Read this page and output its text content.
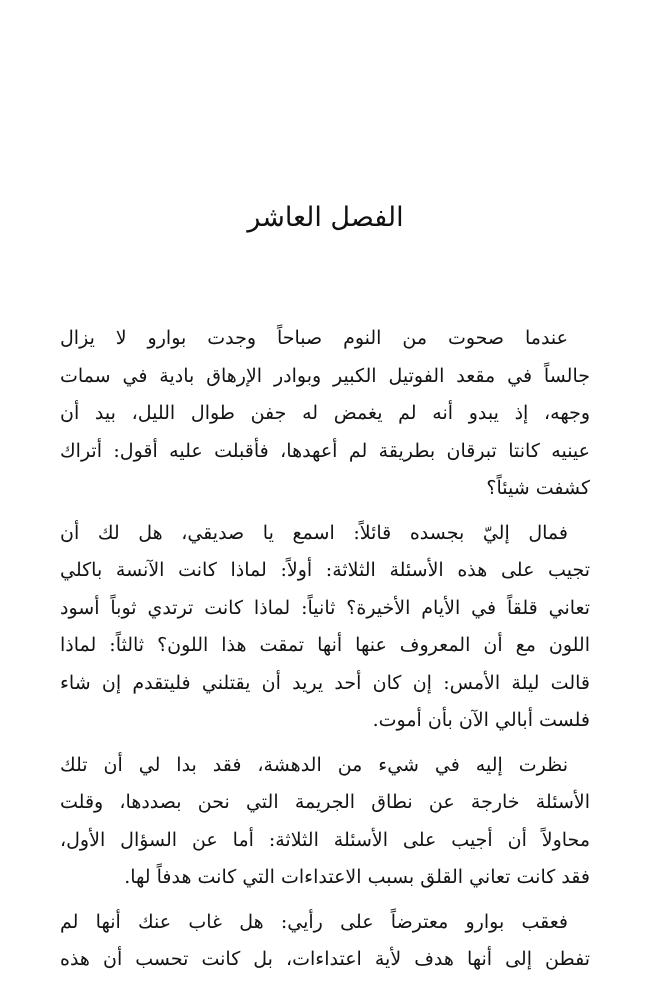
الفصل العاشر

عندما صحوت من النوم صباحاً وجدت بوارو لا يزال
جالساً في مقعد الفوتيل الكبير وبوادر الإرهاق بادية في سمات
وجهه، إذ يبدو أنه لم يغمض له جفن طوال الليل، بيد أن
عينيه كانتا تبرقان بطريقة لم أعهدها، فأقبلت عليه أقول: أتراك
كشفت شيئاً؟

فمال إليّ بجسده قائلاً: اسمع يا صديقي، هل لك أن
تجيب على هذه الأسئلة الثلاثة: أولاً: لماذا كانت الآنسة باكلي
تعاني قلقاً في الأيام الأخيرة؟ ثانياً: لماذا كانت ترتدي ثوباً أسود
اللون مع أن المعروف عنها أنها تمقت هذا اللون؟ ثالثاً: لماذا
قالت ليلة الأمس: إن كان أحد يريد أن يقتلني فليتقدم إن شاء
فلست أبالي الآن بأن أموت.

نظرت إليه في شيء من الدهشة، فقد بدا لي أن تلك
الأسئلة خارجة عن نطاق الجريمة التي نحن بصددها، وقلت
محاولاً أن أجيب على الأسئلة الثلاثة: أما عن السؤال الأول،
فقد كانت تعاني القلق بسبب الاعتداءات التي كانت هدفاً لها.

فعقب بوارو معترضاً على رأيي: هل غاب عنك أنها لم
تفطن إلى أنها هدف لأية اعتداءات، بل كانت تحسب أن هذه
